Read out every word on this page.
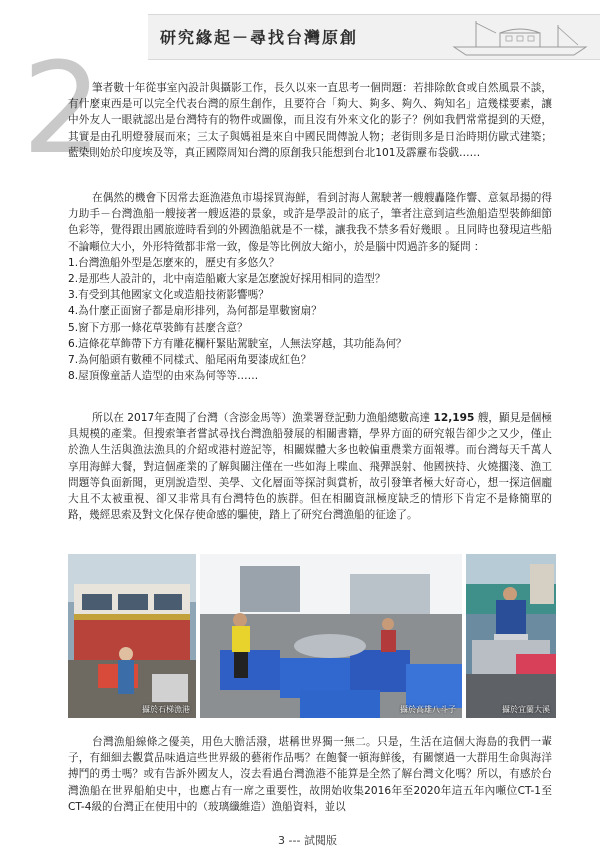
2	研究緣起－尋找台灣原創

筆者數十年從事室內設計與攝影工作，長久以來一直思考一個問題：若排除飲食或自然風景不談，有什麼東西是可以完全代表台灣的原生創作，且要符合「夠大、夠多、夠久、夠知名」這幾樣要素，讓中外友人一眼就認出是台灣特有的物件或圖像，而且沒有外來文化的影子？例如我們常常提到的天燈，其實是由孔明燈發展而來；三太子與媽祖是來自中國民間傳說人物；老街則多是日治時期仿歐式建築；藍染則始於印度埃及等，真正國際周知台灣的原創我只能想到台北101及霹靂布袋戲……

在偶然的機會下因常去逛漁港魚市場採買海鮮，看到討海人駕駛著一艘艘轟隆作響、意氣昂揚的得力助手－台灣漁船一艘接著一艘返港的景象，或許是學設計的底子，筆者注意到這些漁船造型裝飾細節色彩等，覺得跟出國旅遊時看到的外國漁船就是不一樣，讓我我不禁多看好幾眼 。且同時也發現這些船不論噸位大小，外形特徵都非常一致，像是等比例放大縮小，於是腦中閃過許多的疑問 ：

1.台灣漁船外型是怎麼來的，歷史有多悠久？
2.是那些人設計的，北中南造船廠大家是怎麼說好採用相同的造型？
3.有受到其他國家文化或造船技術影響嗎？
4.為什麼正面窗子都是扇形排列，為何都是單數窗扇？
5.窗下方那一條花草裝飾有甚麼含意？
6.這條花草飾帶下方有雕花欄杆緊貼駕駛室，人無法穿越，其功能為何？
7.為何船頭有數種不同樣式、船尾兩角要漆成紅色？
8.屋頂像童話人造型的由來為何等等……

所以在 2017年查閱了台灣（含澎金馬等）漁業署登記動力漁船總數高達 12,195 艘，顯見是個極具規模的產業。但搜索筆者嘗試尋找台灣漁船發展的相關書籍，學界方面的研究報告卻少之又少，僅止於漁人生活與漁法漁具的介紹或港村遊記等，相關媒體大多也較偏重農業方面報導。而台灣每天千萬人享用海鮮大餐，對這個產業的了解與關注僅在一些如海上喋血、飛彈誤射、他國挾持、火燒擱淺、漁工問題等負面新聞，更別說造型、美學、文化層面等探討與賞析，故引發筆者極大好奇心，想一探這個龐大且不太被重視、卻又非常具有台灣特色的族群。但在相關資訊極度缺乏的情形下肯定不是條簡單的路，幾經思索及對文化保存使命感的驅使，踏上了研究台灣漁船的征途了。

攝於石梯漁港	攝於高雄八斗子	攝於宜蘭大溪

台灣漁船線條之優美，用色大膽活潑，堪稱世界獨一無二。只是，生活在這個大海島的我們一輩子，有細細去觀賞品味過這些世界級的藝術作品嗎？在飽餐一頓海鮮後，有關懷過一大群用生命與海洋搏鬥的勇士嗎？或有告訴外國友人，沒去看過台灣漁港不能算是全然了解台灣文化嗎？所以，有感於台灣漁船在世界船舶史中，也應占有一席之重要性，故開始收集2016年至2020年這五年內噸位CT-1至CT-4級的台灣正在使用中的（玻璃纖維造）漁船資料，並以

3 --- 試閱版
